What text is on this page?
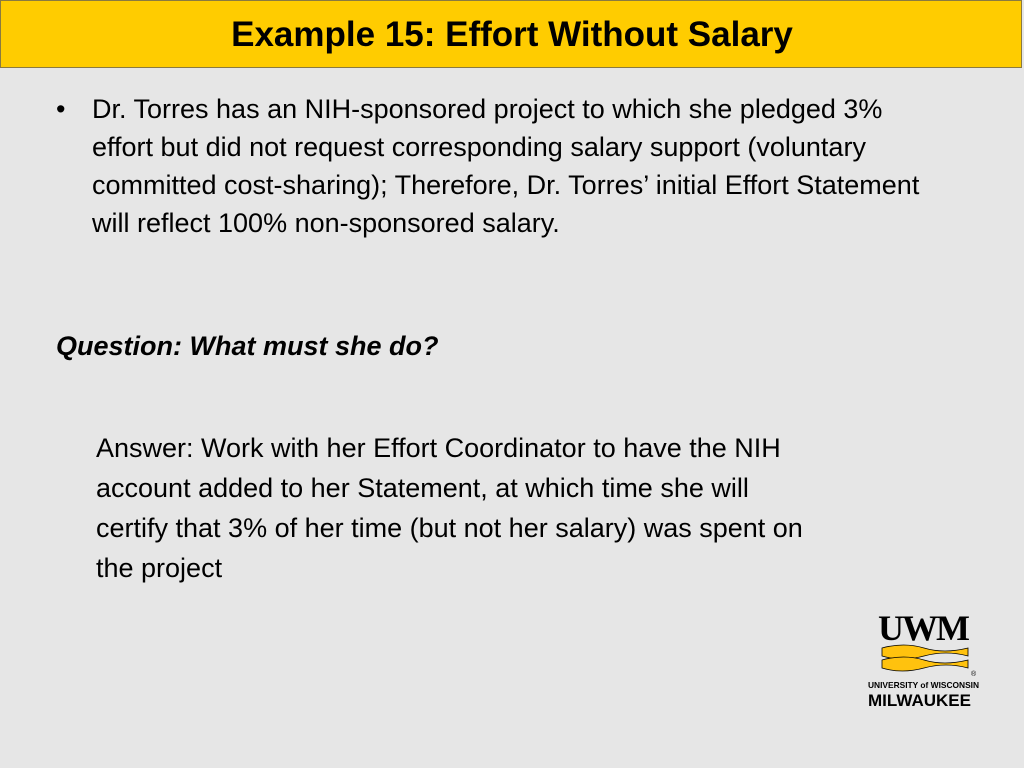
Example 15: Effort Without Salary
• Dr. Torres has an NIH-sponsored project to which she pledged 3% effort but did not request corresponding salary support (voluntary committed cost-sharing); Therefore, Dr. Torres’ initial Effort Statement will reflect 100% non-sponsored salary.
Question: What must she do?
Answer: Work with her Effort Coordinator to have the NIH account added to her Statement, at which time she will certify that 3% of her time (but not her salary) was spent on the project
UWM
®
UNIVERSITY of WISCONSIN
MILWAUKEE
